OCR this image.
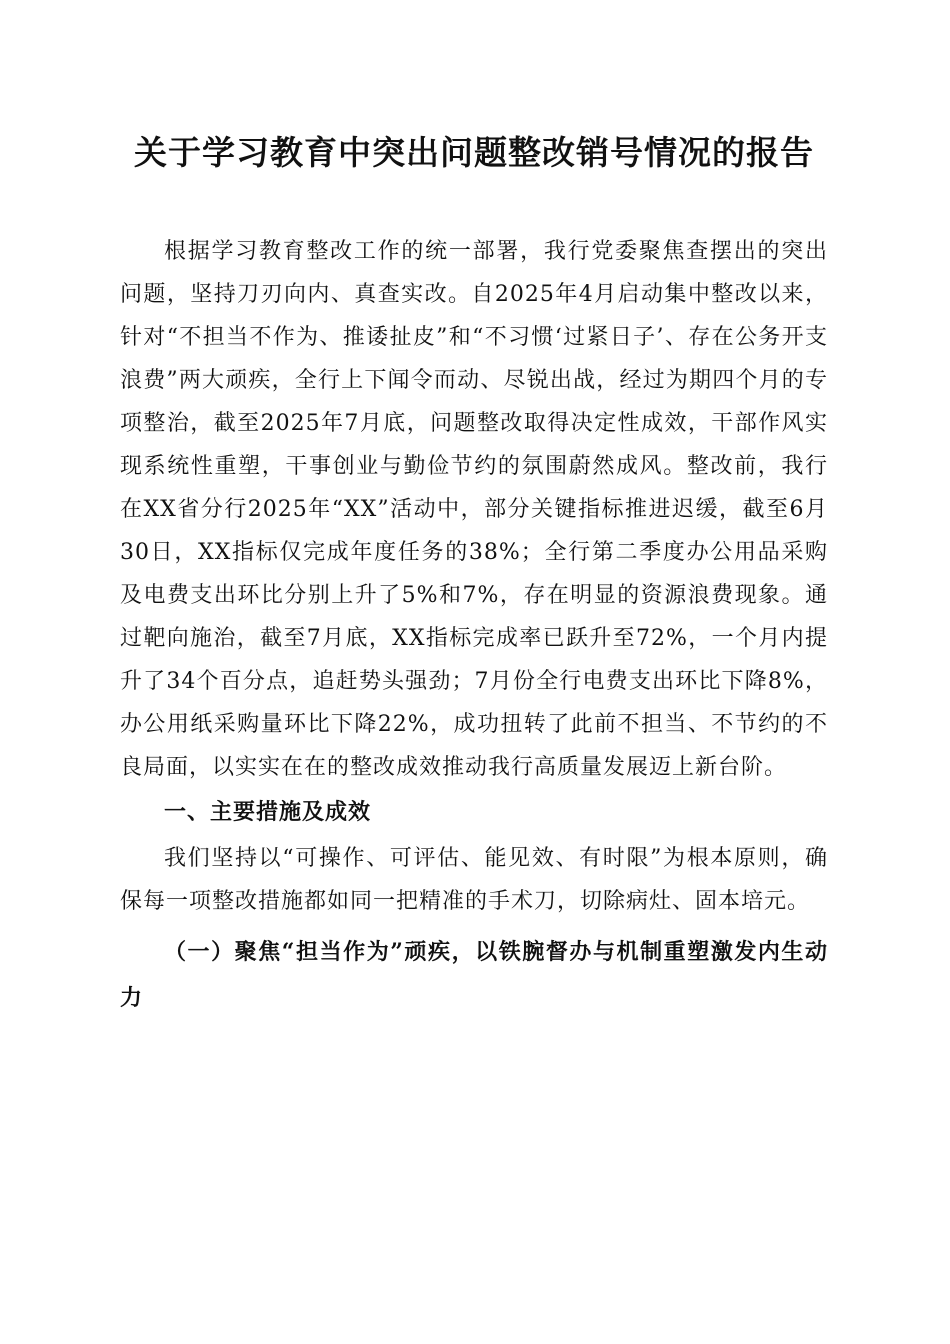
关于学习教育中突出问题整改销号情况的报告

根据学习教育整改工作的统一部署，我行党委聚焦查摆出的突出问题，坚持刀刃向内、真查实改。自2025年4月启动集中整改以来，针对“不担当不作为、推诿扯皮”和“不习惯‘过紧日子’、存在公务开支浪费”两大顽疾，全行上下闻令而动、尽锐出战，经过为期四个月的专项整治，截至2025年7月底，问题整改取得决定性成效，干部作风实现系统性重塑，干事创业与勤俭节约的氛围蔚然成风。整改前，我行在XX省分行2025年“XX”活动中，部分关键指标推进迟缓，截至6月30日，XX指标仅完成年度任务的38%；全行第二季度办公用品采购及电费支出环比分别上升了5%和7%，存在明显的资源浪费现象。通过靶向施治，截至7月底，XX指标完成率已跃升至72%，一个月内提升了34个百分点，追赶势头强劲；7月份全行电费支出环比下降8%，办公用纸采购量环比下降22%，成功扭转了此前不担当、不节约的不良局面，以实实在在的整改成效推动我行高质量发展迈上新台阶。

一、主要措施及成效

我们坚持以“可操作、可评估、能见效、有时限”为根本原则，确保每一项整改措施都如同一把精准的手术刀，切除病灶、固本培元。

（一）聚焦“担当作为”顽疾，以铁腕督办与机制重塑激发内生动力
